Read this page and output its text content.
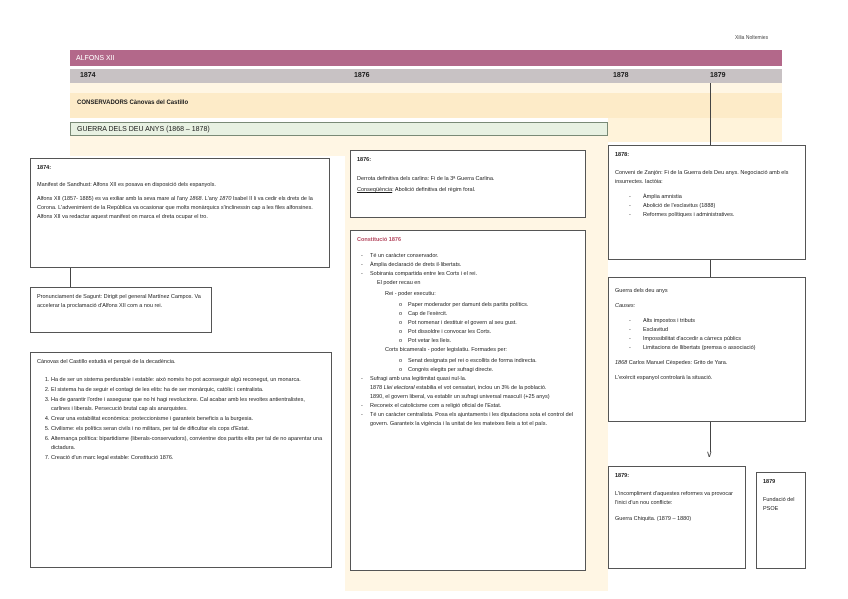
Xilia Noltemies
ALFONS XII
1874	1876	1878	1879
CONSERVADORS Cànovas del Castillo
GUERRA DELS DEU ANYS (1868 – 1878)
∨

1874:

Manifest de Sandhust: Alfons XII es posava en disposició dels espanyols.

Alfons XII (1857- 1885) es va exiliar amb la seva mare al l'any 1868. L'any 1870 Isabel II li va cedir els drets de la Corona. L'advenimient de la República va ocasionar que molts monàrquics s'inclinessin cap a les files alfonsines. Alfons XII va redactar aquest manifest on marca el dreta ocupar el tro.

Pronunciament de Sagunt: Dirigit pel general Martínez Campos. Va accelerar la proclamació d'Alfons XII com a nou rei.

Cànovas del Castillo estudià el perquè de la decadència.

1. Ha de ser un sistema perdurable i estable: això només ho pot aconseguir algú reconegut, un monarca.
2. El sistema ha de seguir el contagi de les elits: ha de ser monàrquic, catòlic i centralista.
3. Ha de garantir l'ordre i assegurar que no hi hagi revolucions. Cal acabar amb les revoltes antientralistes, carlines i liberals. Persecució brutal cap als anarquistes.
4. Crear una estabilitat econòmica: proteccionisme i garanteix beneficis a la burgesia.
5. Civilisme: els polítics seran civils i no militars, per tal de dificultar els cops d'Estat.
6. Alternança política: bipartidisme (liberals-conservadors), convientne dos partits elits per tal de no aparentar una dictadura.
7. Creació d'un marc legal estable: Constitució 1876.

1876:

Derrota definitiva dels carlins: Fi de la 3ª Guerra Carlina.

Conseqüència: Abolició definitiva del règim foral.

Constitució 1876

- Té un caràcter conservador.
- Àmplia declaració de drets il·libertats.
- Sobirania compartida entre les Corts i el rei.

El poder recau en

Rei - poder executiu:

o Paper moderador per damunt dels partits polítics.
o Cap de l'exèrcit.
o Pot nomenar i destituir el govern al seu gust.
o Pot dissoldre i convocar les Corts.
o Pot vetar les lleis.

Corts bicamerals - poder legislatiu. Formades per:

o Senat designats pel rei o escollits de forma indirecta.
o Congrés elegits per sufragi directe.
- Sufragi amb una legitimitat quasi nul·la.
1878 Llei electoral estabilia el vot censatari, inclou un 3% de la població.
1890, el govern liberal, va establir un sufragi universal masculí (+25 anys)
- Reconeix el catolicisme com a religió oficial de l'Estat.
- Té un caràcter centralista. Posa els ajuntaments i les diputacions sota el control del govern. Garanteix la vigència i la unitat de les mateixes lleis a tot el país.

1878:

Conveni de Zanjón: Fi de la Guerra dels Deu anys. Negociació amb els insurrectes. Iactòia:

- Àmplia amnistia
- Abolició de l'esclavitus (1888)
- Reformes polítiques i administratives.

Guerra dels deu anys

Causes:

- Alts impostos i tributs
- Esclavitud
- Impossibilitat d'accedir a càrrecs públics
- Limitacions de llibertats (premsa o associació)

1868 Carlos Manuel Cèspedes: Grito de Yara.

L'exèrcit espanyol controlarà la situació.

1879:

L'incompliment d'aquestes reformes va provocar l'inici d'un nou conflicte:

Guerra Chiquita. (1879 – 1880)

1879

Fundació del PSOE
